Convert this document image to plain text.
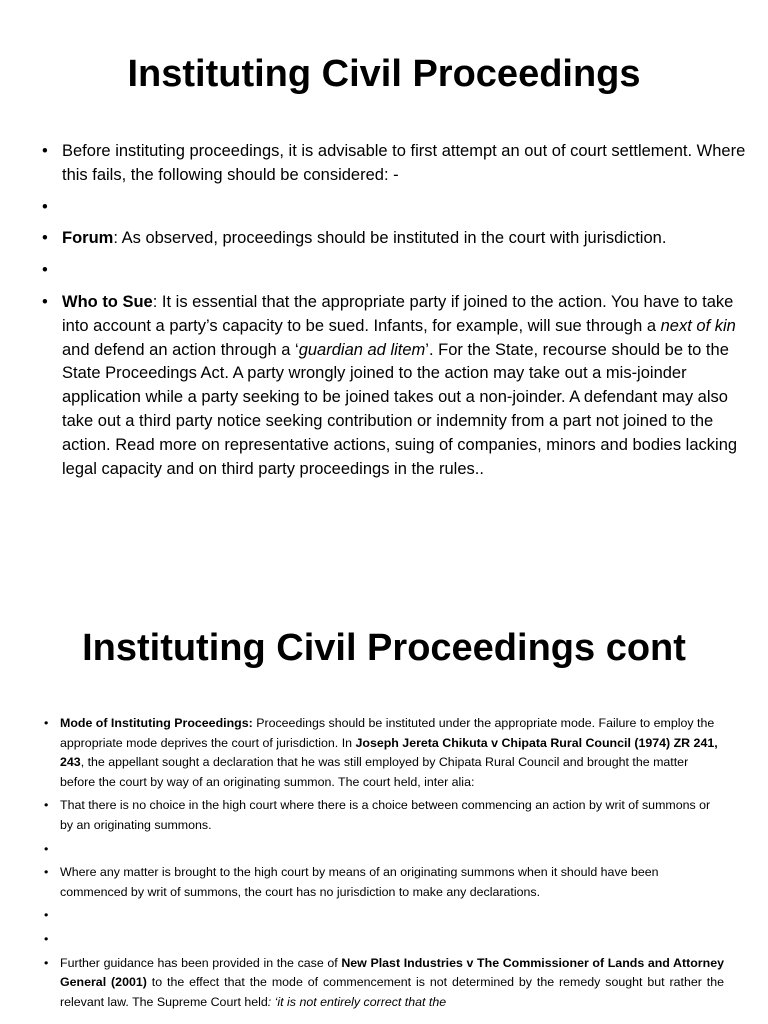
Instituting Civil Proceedings
• Before instituting proceedings, it is advisable to first attempt an out of court settlement. Where this fails, the following should be considered: -
•
• Forum: As observed, proceedings should be instituted in the court with jurisdiction.
•
• Who to Sue: It is essential that the appropriate party if joined to the action. You have to take into account a party’s capacity to be sued. Infants, for example, will sue through a next of kin and defend an action through a ‘guardian ad litem’. For the State, recourse should be to the State Proceedings Act. A party wrongly joined to the action may take out a mis-joinder application while a party seeking to be joined takes out a non-joinder. A defendant may also take out a third party notice seeking contribution or indemnity from a part not joined to the action. Read more on representative actions, suing of companies, minors and bodies lacking legal capacity and on third party proceedings in the rules..
Instituting Civil Proceedings cont
• Mode of Instituting Proceedings: Proceedings should be instituted under the appropriate mode. Failure to employ the appropriate mode deprives the court of jurisdiction. In Joseph Jereta Chikuta v Chipata Rural Council (1974) ZR 241, 243, the appellant sought a declaration that he was still employed by Chipata Rural Council and brought the matter before the court by way of an originating summon. The court held, inter alia:
• That there is no choice in the high court where there is a choice between commencing an action by writ of summons or by an originating summons.
•
• Where any matter is brought to the high court by means of an originating summons when it should have been commenced by writ of summons, the court has no jurisdiction to make any declarations.
•
•
• Further guidance has been provided in the case of New Plast Industries v The Commissioner of Lands and Attorney General (2001) to the effect that the mode of commencement is not determined by the remedy sought but rather the relevant law. The Supreme Court held: ‘it is not entirely correct that the
